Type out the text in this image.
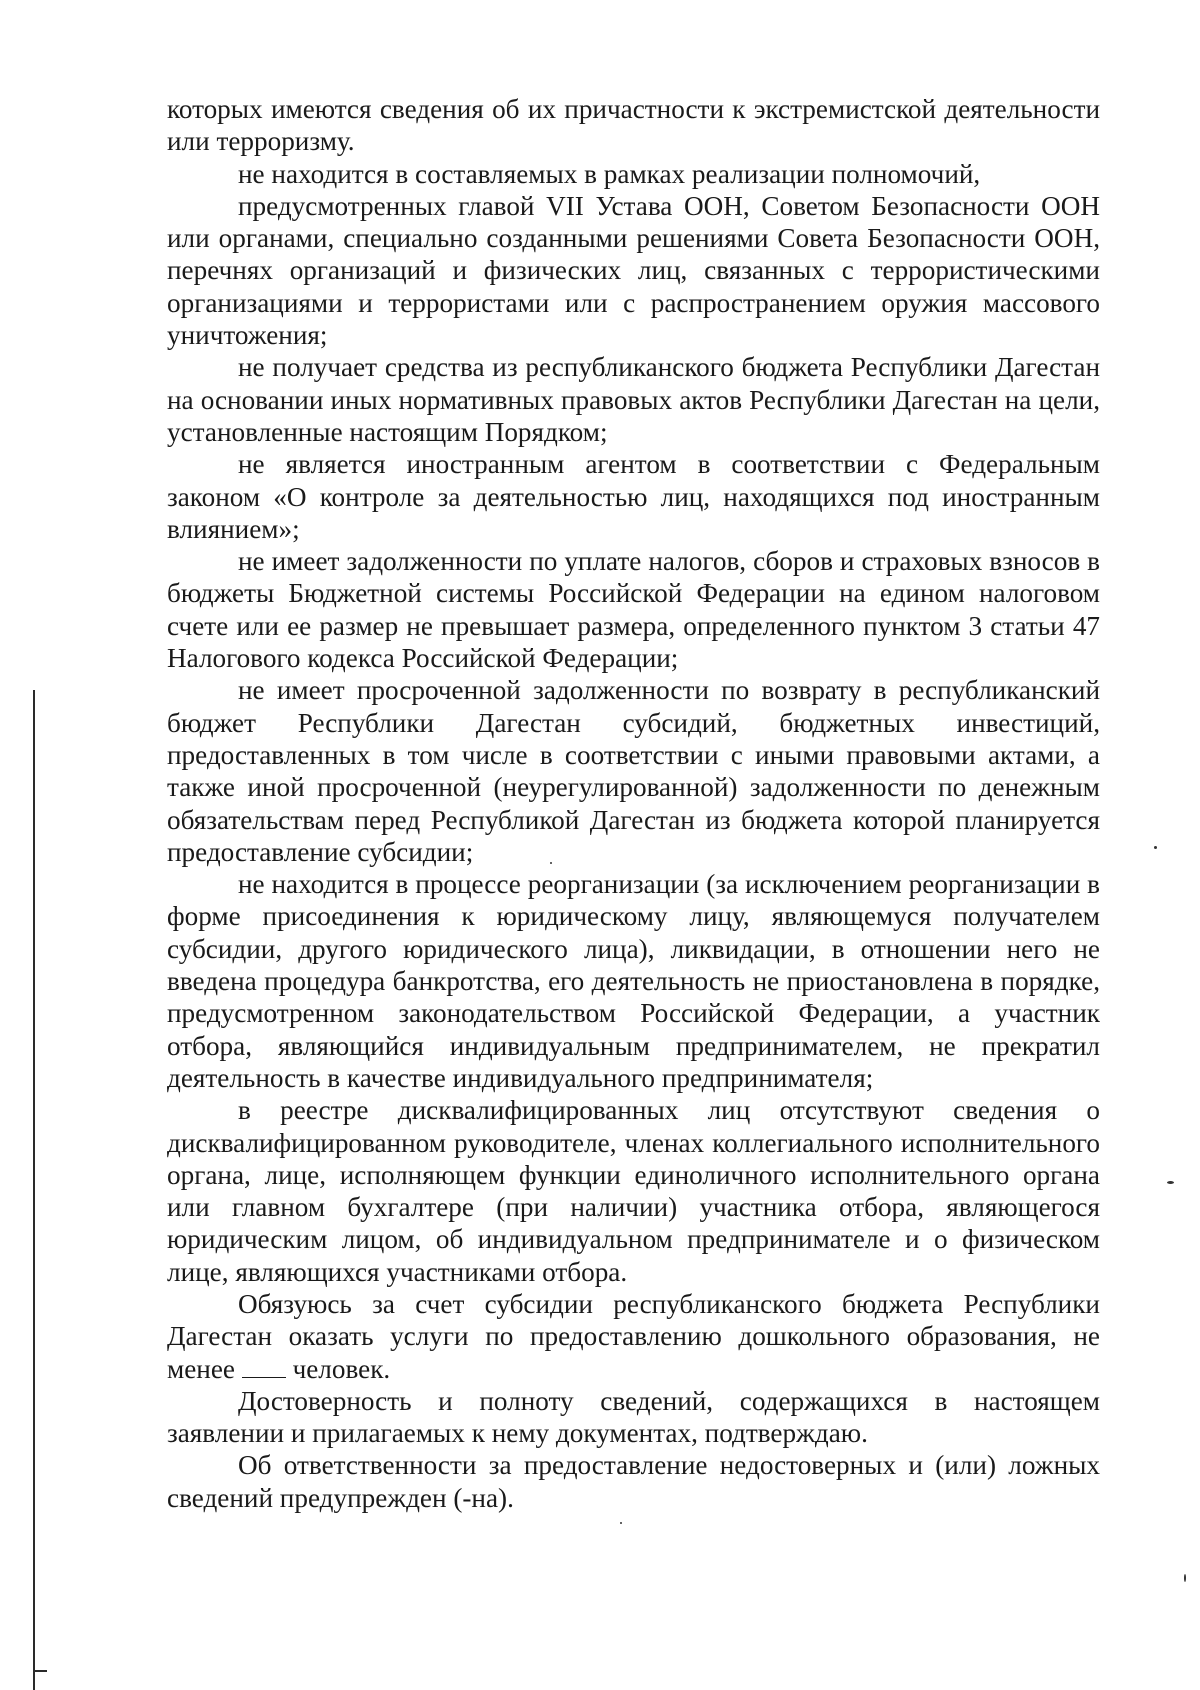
которых имеются сведения об их причастности к экстремистской деятельности или терроризму.

не находится в составляемых в рамках реализации полномочий,

предусмотренных главой VII Устава ООН, Советом Безопасности ООН или органами, специально созданными решениями Совета Безопасности ООН, перечнях организаций и физических лиц, связанных с террористическими организациями и террористами или с распространением оружия массового уничтожения;

не получает средства из республиканского бюджета Республики Дагестан на основании иных нормативных правовых актов Республики Дагестан на цели, установленные настоящим Порядком;

не является иностранным агентом в соответствии с Федеральным законом «О контроле за деятельностью лиц, находящихся под иностранным влиянием»;

не имеет задолженности по уплате налогов, сборов и страховых взносов в бюджеты Бюджетной системы Российской Федерации на едином налоговом счете или ее размер не превышает размера, определенного пунктом 3 статьи 47 Налогового кодекса Российской Федерации;

не имеет просроченной задолженности по возврату в республиканский бюджет Республики Дагестан субсидий, бюджетных инвестиций, предоставленных в том числе в соответствии с иными правовыми актами, а также иной просроченной (неурегулированной) задолженности по денежным обязательствам перед Республикой Дагестан из бюджета которой планируется предоставление субсидии;

не находится в процессе реорганизации (за исключением реорганизации в форме присоединения к юридическому лицу, являющемуся получателем субсидии, другого юридического лица), ликвидации, в отношении него не введена процедура банкротства, его деятельность не приостановлена в порядке, предусмотренном законодательством Российской Федерации, а участник отбора, являющийся индивидуальным предпринимателем, не прекратил деятельность в качестве индивидуального предпринимателя;

в реестре дисквалифицированных лиц отсутствуют сведения о дисквалифицированном руководителе, членах коллегиального исполнительного органа, лице, исполняющем функции единоличного исполнительного органа или главном бухгалтере (при наличии) участника отбора, являющегося юридическим лицом, об индивидуальном предпринимателе и о физическом лице, являющихся участниками отбора.

Обязуюсь за счет субсидии республиканского бюджета Республики Дагестан оказать услуги по предоставлению дошкольного образования, не менее  человек.

Достоверность и полноту сведений, содержащихся в настоящем заявлении и прилагаемых к нему документах, подтверждаю.

Об ответственности за предоставление недостоверных и (или) ложных сведений предупрежден (-на).
